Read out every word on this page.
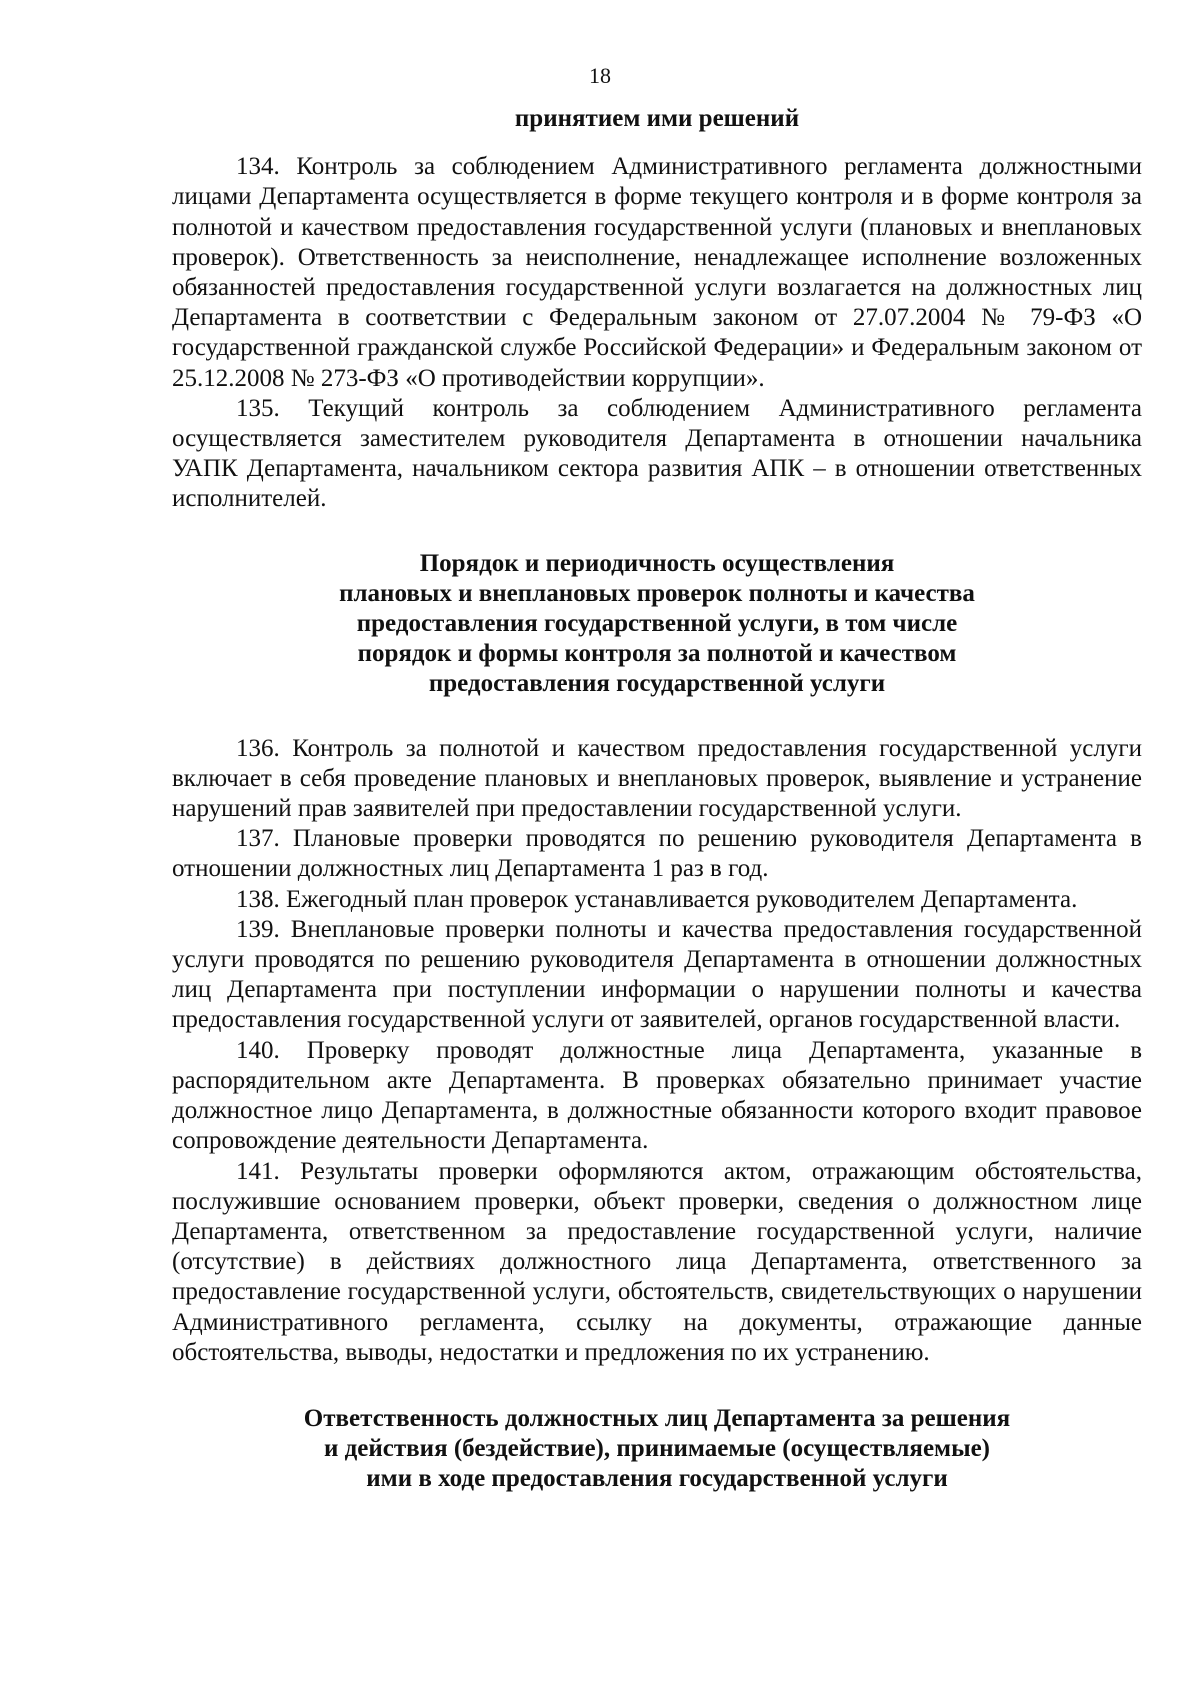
18

принятием ими решений

134. Контроль за соблюдением Административного регламента должностными лицами Департамента осуществляется в форме текущего контроля и в форме контроля за полнотой и качеством предоставления государственной услуги (плановых и внеплановых проверок). Ответственность за неисполнение, ненадлежащее исполнение возложенных обязанностей предоставления государственной услуги возлагается на должностных лиц Департамента в соответствии с Федеральным законом от 27.07.2004 № 79-ФЗ «О государственной гражданской службе Российской Федерации» и Федеральным законом от 25.12.2008 № 273-ФЗ «О противодействии коррупции».

135. Текущий контроль за соблюдением Административного регламента осуществляется заместителем руководителя Департамента в отношении начальника УАПК Департамента, начальником сектора развития АПК – в отношении ответственных исполнителей.

Порядок и периодичность осуществления
плановых и внеплановых проверок полноты и качества
предоставления государственной услуги, в том числе
порядок и формы контроля за полнотой и качеством
предоставления государственной услуги

136. Контроль за полнотой и качеством предоставления государственной услуги включает в себя проведение плановых и внеплановых проверок, выявление и устранение нарушений прав заявителей при предоставлении государственной услуги.

137. Плановые проверки проводятся по решению руководителя Департамента в отношении должностных лиц Департамента 1 раз в год.

138. Ежегодный план проверок устанавливается руководителем Департамента.

139. Внеплановые проверки полноты и качества предоставления государственной услуги проводятся по решению руководителя Департамента в отношении должностных лиц Департамента при поступлении информации о нарушении полноты и качества предоставления государственной услуги от заявителей, органов государственной власти.

140. Проверку проводят должностные лица Департамента, указанные в распорядительном акте Департамента. В проверках обязательно принимает участие должностное лицо Департамента, в должностные обязанности которого входит правовое сопровождение деятельности Департамента.

141. Результаты проверки оформляются актом, отражающим обстоятельства, послужившие основанием проверки, объект проверки, сведения о должностном лице Департамента, ответственном за предоставление государственной услуги, наличие (отсутствие) в действиях должностного лица Департамента, ответственного за предоставление государственной услуги, обстоятельств, свидетельствующих о нарушении Административного регламента, ссылку на документы, отражающие данные обстоятельства, выводы, недостатки и предложения по их устранению.

Ответственность должностных лиц Департамента за решения
и действия (бездействие), принимаемые (осуществляемые)
ими в ходе предоставления государственной услуги
